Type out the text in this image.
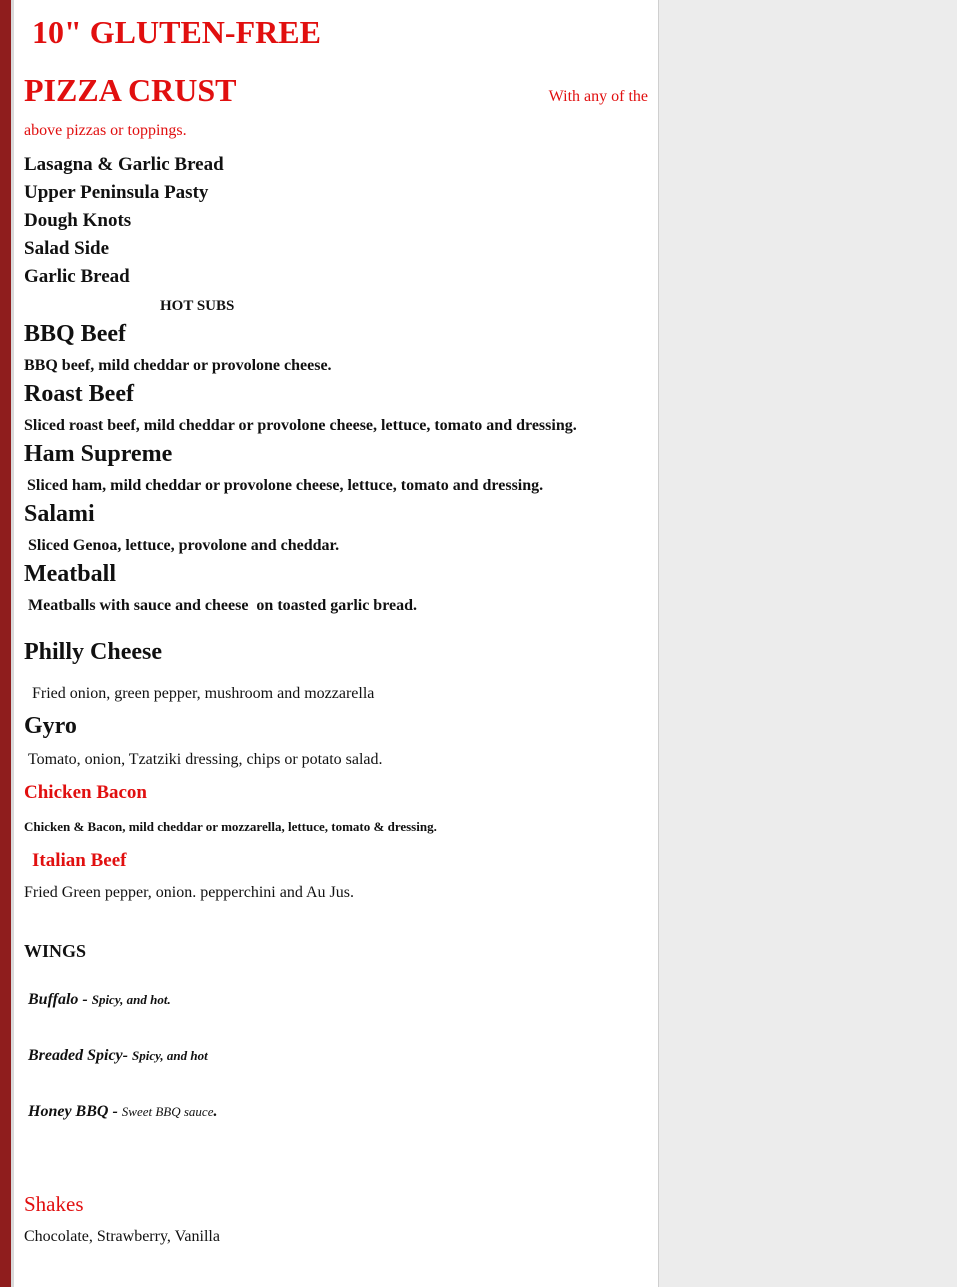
10" GLUTEN-FREE
PIZZA CRUST	With any of the
above pizzas or toppings.
Lasagna & Garlic Bread
Upper Peninsula Pasty
Dough Knots
Salad Side
Garlic Bread
HOT SUBS
BBQ Beef
BBQ beef, mild cheddar or provolone cheese.
Roast Beef
Sliced roast beef, mild cheddar or provolone cheese, lettuce, tomato and dressing.
Ham Supreme
Sliced ham, mild cheddar or provolone cheese, lettuce, tomato and dressing.
Salami
Sliced Genoa, lettuce, provolone and cheddar.
Meatball
Meatballs with sauce and cheese  on toasted garlic bread.
Philly Cheese
Fried onion, green pepper, mushroom and mozzarella
Gyro
Tomato, onion, Tzatziki dressing, chips or potato salad.
Chicken Bacon
Chicken & Bacon, mild cheddar or mozzarella, lettuce, tomato & dressing.
Italian Beef
Fried Green pepper, onion. pepperchini and Au Jus.
WINGS
Buffalo - Spicy, and hot.
Breaded Spicy- Spicy, and hot
Honey BBQ - Sweet BBQ sauce.
Shakes
Chocolate, Strawberry, Vanilla
